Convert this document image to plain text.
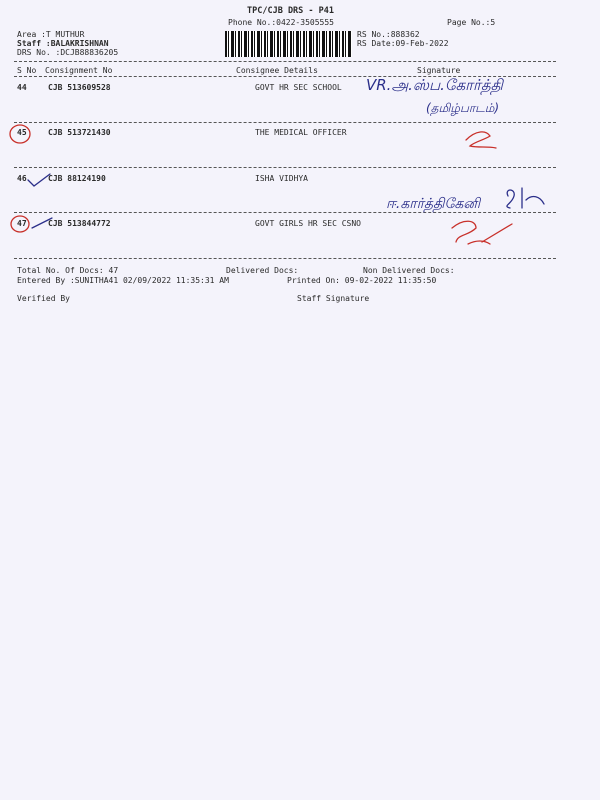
TPC/CJB DRS - P41
Phone No.:0422-3505555	Page No.:5
Area :T MUTHUR
Staff :BALAKRISHNAN
DRS No. :DCJB88836205
RS No.:888362
RS Date:09-Feb-2022
S No Consignment No	Consignee Details	Signature
44	CJB 513609528	GOVT HR SEC SCHOOL
45	CJB 513721430	THE MEDICAL OFFICER
46	CJB 88124190	ISHA VIDHYA
47	CJB 513844772	GOVT GIRLS HR SEC CSNO
Total No. Of Docs: 47	Delivered Docs:	Non Delivered Docs:
Entered By :SUNITHA41 02/09/2022 11:35:31 AM	Printed On: 09-02-2022 11:35:50
Verified By	Staff Signature
VR.அ.ஸ்ப.கோர்த்தி
(தமிழ்பாடம்)
ஈ.கார்த்திகேனி
